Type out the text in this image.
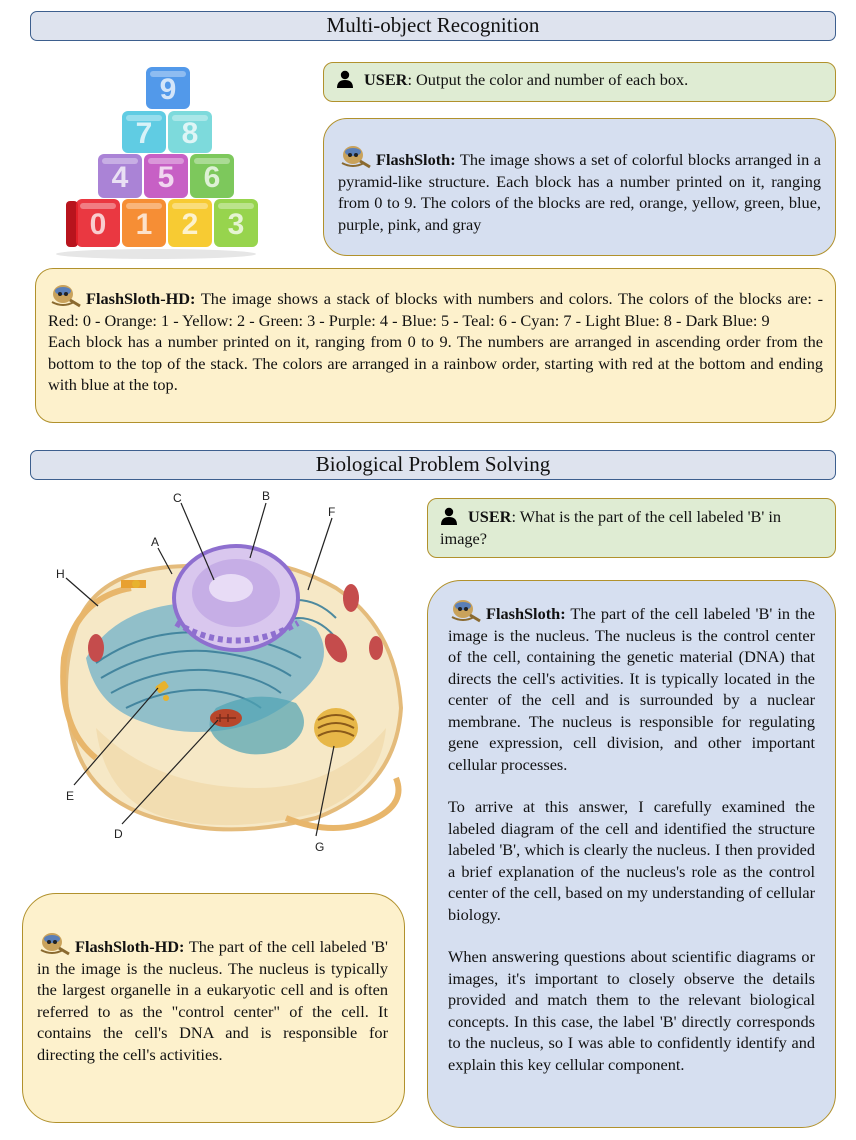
Multi-object Recognition
0 1 2 3
4 5 6
7 8
9	USER: Output the color and number of each box.
FlashSloth: The image shows a set of colorful blocks arranged in a pyramid-like structure. Each block has a number printed on it, ranging from 0 to 9. The colors of the blocks are red, orange, yellow, green, blue, purple, pink, and gray
FlashSloth-HD: The image shows a stack of blocks with numbers and colors. The colors of the blocks are: - Red: 0 - Orange: 1 - Yellow: 2 - Green: 3 - Purple: 4 - Blue: 5 - Teal: 6 - Cyan: 7 - Light Blue: 8 - Dark Blue: 9
Each block has a number printed on it, ranging from 0 to 9. The numbers are arranged in ascending order from the bottom to the top of the stack. The colors are arranged in a rainbow order, starting with red at the bottom and ending with blue at the top.
Biological Problem Solving
A
B
C
D
E
F
G
H
USER: What is the part of the cell labeled 'B' in image?
FlashSloth: The part of the cell labeled 'B' in the image is the nucleus. The nucleus is the control center of the cell, containing the genetic material (DNA) that directs the cell's activities. It is typically located in the center of the cell and is surrounded by a nuclear membrane. The nucleus is responsible for regulating gene expression, cell division, and other important cellular processes.
To arrive at this answer, I carefully examined the labeled diagram of the cell and identified the structure labeled 'B', which is clearly the nucleus. I then provided a brief explanation of the nucleus's role as the control center of the cell, based on my understanding of cellular biology.
When answering questions about scientific diagrams or images, it's important to closely observe the details provided and match them to the relevant biological concepts. In this case, the label 'B' directly corresponds to the nucleus, so I was able to confidently identify and explain this key cellular component.
FlashSloth-HD: The part of the cell labeled 'B' in the image is the nucleus. The nucleus is typically the largest organelle in a eukaryotic cell and is often referred to as the "control center" of the cell. It contains the cell's DNA and is responsible for directing the cell's activities.
